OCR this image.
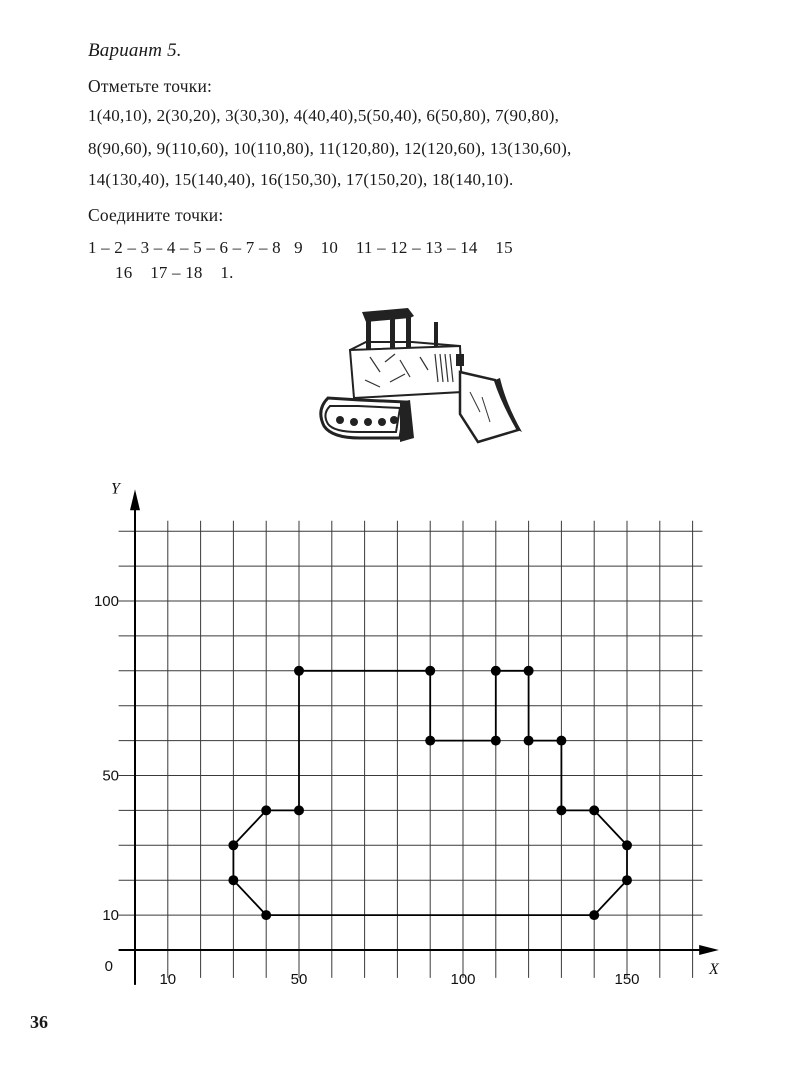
Вариант 5.
Отметьте точки:
1(40,10), 2(30,20), 3(30,30), 4(40,40),5(50,40), 6(50,80), 7(90,80),
8(90,60), 9(110,60), 10(110,80), 11(120,80), 12(120,60), 13(130,60),
14(130,40), 15(140,40), 16(150,30), 17(150,20), 18(140,10).
Соедините точки:
1 – 2 – 3 – 4 – 5 – 6 – 7 – 8   9    10    11 – 12 – 13 – 14    15
16    17 – 18    1.
X
Y
10	50	100	150
10
50
100
0
36
